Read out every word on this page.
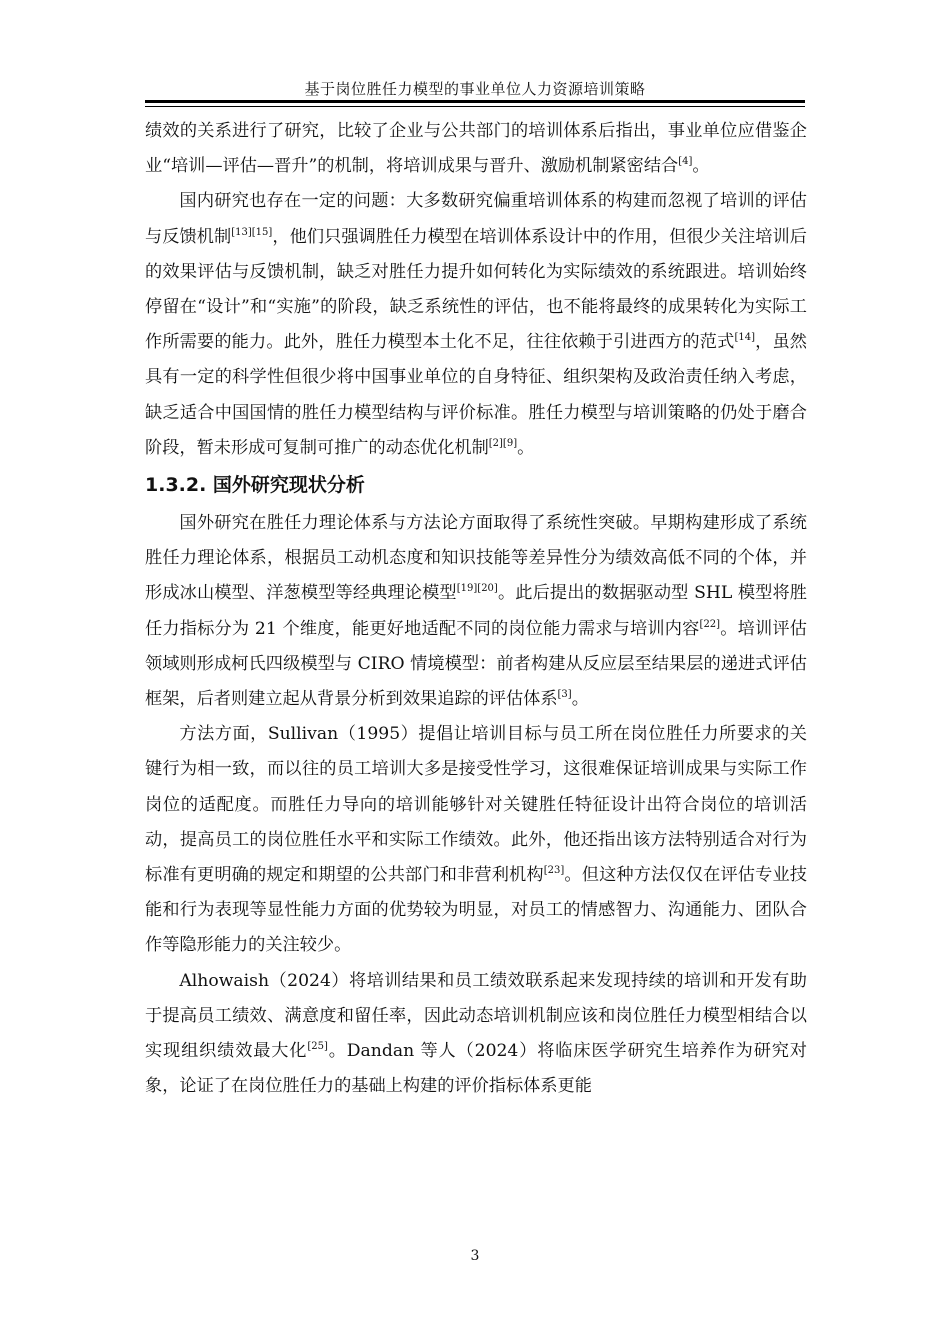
基于岗位胜任力模型的事业单位人力资源培训策略

绩效的关系进行了研究，比较了企业与公共部门的培训体系后指出，事业单位应借鉴企业“培训—评估—晋升”的机制，将培训成果与晋升、激励机制紧密结合[4]。

国内研究也存在一定的问题：大多数研究偏重培训体系的构建而忽视了培训的评估与反馈机制[13][15]，他们只强调胜任力模型在培训体系设计中的作用，但很少关注培训后的效果评估与反馈机制，缺乏对胜任力提升如何转化为实际绩效的系统跟进。培训始终停留在“设计”和“实施”的阶段，缺乏系统性的评估，也不能将最终的成果转化为实际工作所需要的能力。此外，胜任力模型本土化不足，往往依赖于引进西方的范式[14]，虽然具有一定的科学性但很少将中国事业单位的自身特征、组织架构及政治责任纳入考虑，缺乏适合中国国情的胜任力模型结构与评价标准。胜任力模型与培训策略的仍处于磨合阶段，暂未形成可复制可推广的动态优化机制[2][9]。

1.3.2. 国外研究现状分析

国外研究在胜任力理论体系与方法论方面取得了系统性突破。早期构建形成了系统胜任力理论体系，根据员工动机态度和知识技能等差异性分为绩效高低不同的个体，并形成冰山模型、洋葱模型等经典理论模型[19][20]。此后提出的数据驱动型 SHL 模型将胜任力指标分为 21 个维度，能更好地适配不同的岗位能力需求与培训内容[22]。培训评估领域则形成柯氏四级模型与 CIRO 情境模型：前者构建从反应层至结果层的递进式评估框架，后者则建立起从背景分析到效果追踪的评估体系[3]。

方法方面，Sullivan（1995）提倡让培训目标与员工所在岗位胜任力所要求的关键行为相一致，而以往的员工培训大多是接受性学习，这很难保证培训成果与实际工作岗位的适配度。而胜任力导向的培训能够针对关键胜任特征设计出符合岗位的培训活动，提高员工的岗位胜任水平和实际工作绩效。此外，他还指出该方法特别适合对行为标准有更明确的规定和期望的公共部门和非营利机构[23]。但这种方法仅仅在评估专业技能和行为表现等显性能力方面的优势较为明显，对员工的情感智力、沟通能力、团队合作等隐形能力的关注较少。

Alhowaish（2024）将培训结果和员工绩效联系起来发现持续的培训和开发有助于提高员工绩效、满意度和留任率，因此动态培训机制应该和岗位胜任力模型相结合以实现组织绩效最大化[25]。Dandan 等人（2024）将临床医学研究生培养作为研究对象，论证了在岗位胜任力的基础上构建的评价指标体系更能

3
